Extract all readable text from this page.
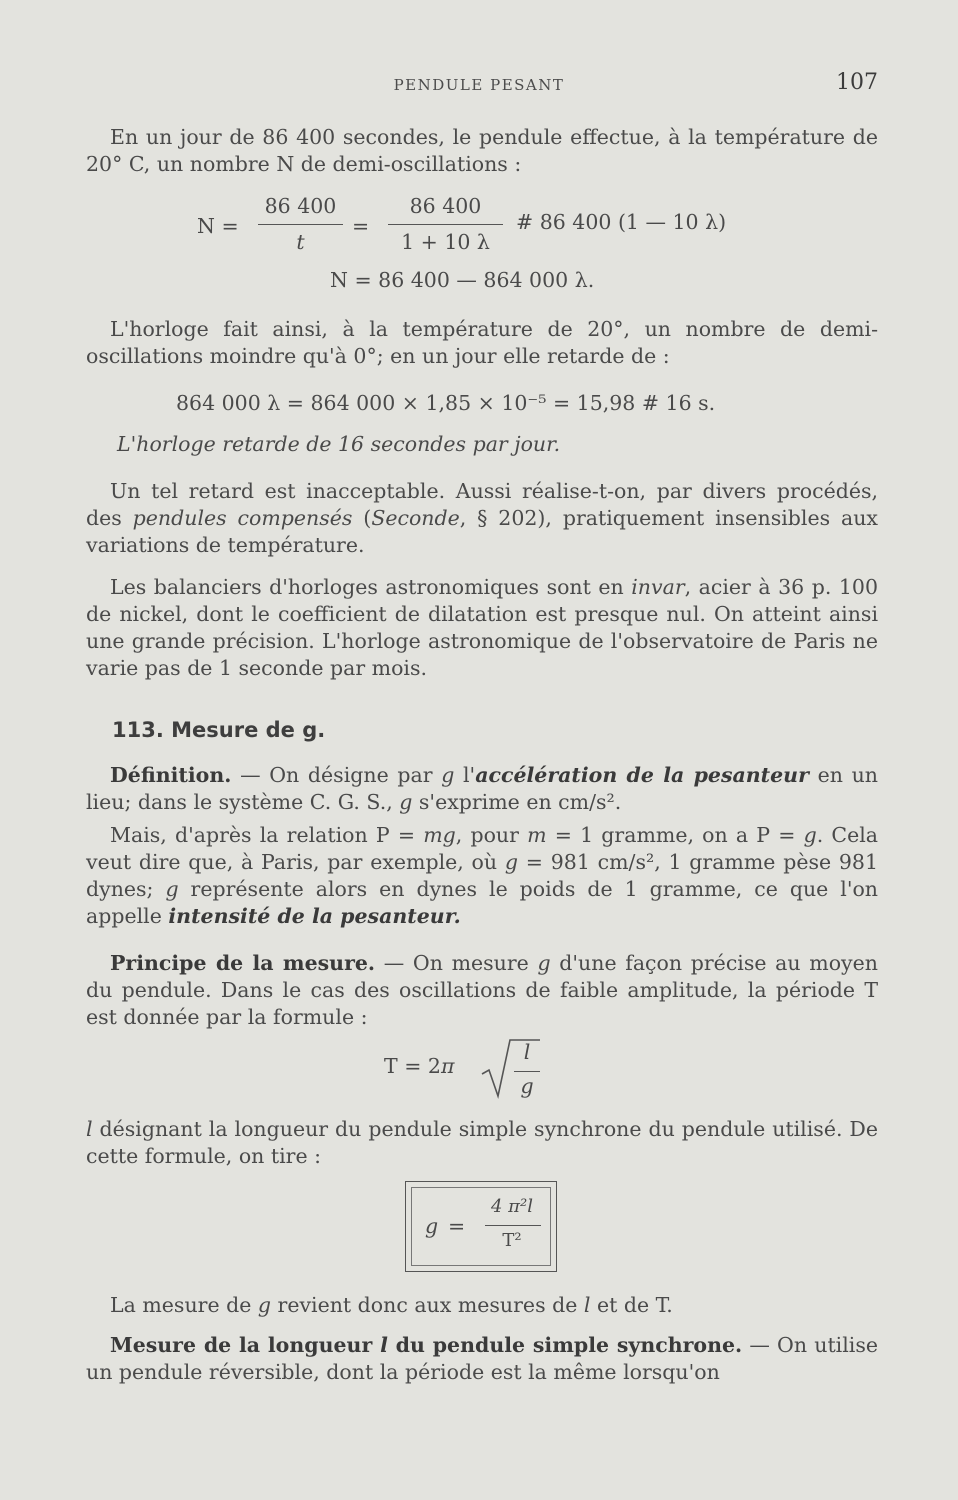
PENDULE PESANT	107

En un jour de 86 400 secondes, le pendule effectue, à la température de 20° C, un nombre N de demi-oscillations :

N =
86 400
t
=
86 400
1 + 10 λ
# 86 400 (1 — 10 λ)
N = 86 400 — 864 000 λ.

L'horloge fait ainsi, à la température de 20°, un nombre de demi-oscillations moindre qu'à 0°; en un jour elle retarde de :

864 000 λ = 864 000 × 1,85 × 10⁻⁵ = 15,98 # 16 s.
L'horloge retarde de 16 secondes par jour.

Un tel retard est inacceptable. Aussi réalise-t-on, par divers procédés, des pendules compensés (Seconde, § 202), pratiquement insensibles aux variations de température.

Les balanciers d'horloges astronomiques sont en invar, acier à 36 p. 100 de nickel, dont le coefficient de dilatation est presque nul. On atteint ainsi une grande précision. L'horloge astronomique de l'observatoire de Paris ne varie pas de 1 seconde par mois.

113. Mesure de g.

Définition. — On désigne par g l'accélération de la pesanteur en un lieu; dans le système C. G. S., g s'exprime en cm/s².

Mais, d'après la relation P = mg, pour m = 1 gramme, on a P = g. Cela veut dire que, à Paris, par exemple, où g = 981 cm/s², 1 gramme pèse 981 dynes; g représente alors en dynes le poids de 1 gramme, ce que l'on appelle intensité de la pesanteur.

Principe de la mesure. — On mesure g d'une façon précise au moyen du pendule. Dans le cas des oscillations de faible amplitude, la période T est donnée par la formule :

T = 2π
l
g

l désignant la longueur du pendule simple synchrone du pendule utilisé. De cette formule, on tire :

g =
4 π²l
T²

La mesure de g revient donc aux mesures de l et de T.

Mesure de la longueur l du pendule simple synchrone. — On utilise un pendule réversible, dont la période est la même lorsqu'on
